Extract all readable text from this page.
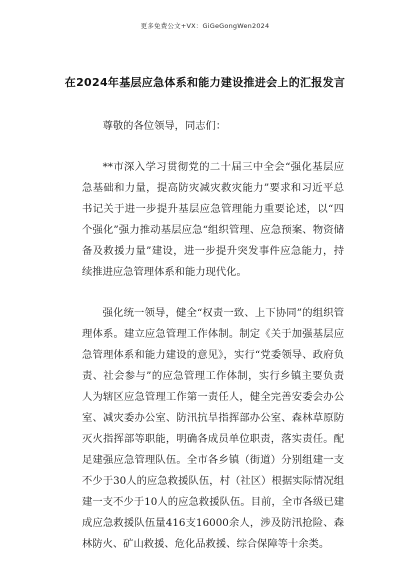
更多免费公文+VX：GiGeGongWen2024
在2024年基层应急体系和能力建设推进会上的汇报发言

尊敬的各位领导，同志们：

**市深入学习贯彻党的二十届三中全会“强化基层应急基础和力量，提高防灾减灾救灾能力”要求和习近平总书记关于进一步提升基层应急管理能力重要论述，以“四个强化”强力推动基层应急“组织管理、应急预案、物资储备及救援力量”建设，进一步提升突发事件应急能力，持续推进应急管理体系和能力现代化。

强化统一领导，健全“权责一致、上下协同”的组织管理体系。建立应急管理工作体制。制定《关于加强基层应急管理体系和能力建设的意见》，实行“党委领导、政府负责、社会参与”的应急管理工作体制，实行乡镇主要负责人为辖区应急管理工作第一责任人，健全完善安委会办公室、减灾委办公室、防汛抗旱指挥部办公室、森林草原防灭火指挥部等职能，明确各成员单位职责，落实责任。配足建强应急管理队伍。全市各乡镇（街道）分别组建一支不少于30人的应急救援队伍，村（社区）根据实际情况组建一支不少于10人的应急救援队伍。目前，全市各级已建成应急救援队伍量416支16000余人，涉及防汛抢险、森林防火、矿山救援、危化品救援、综合保障等十余类。
